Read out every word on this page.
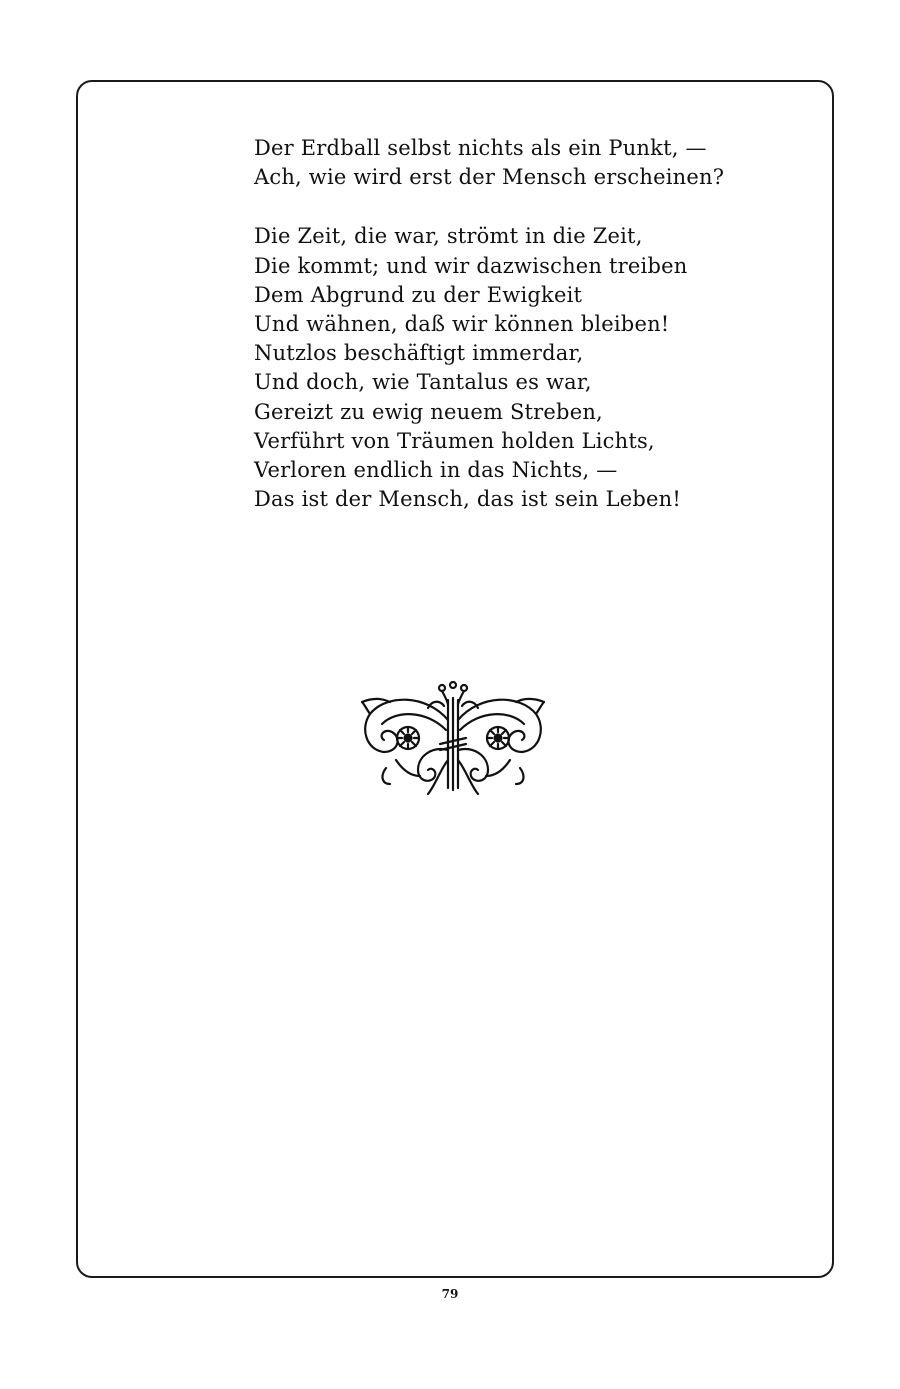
Der Erdball selbst nichts als ein Punkt, —
Ach, wie wird erst der Mensch erscheinen?
Die Zeit, die war, strömt in die Zeit,
Die kommt; und wir dazwischen treiben
Dem Abgrund zu der Ewigkeit
Und wähnen, daß wir können bleiben!
Nutzlos beschäftigt immerdar,
Und doch, wie Tantalus es war,
Gereizt zu ewig neuem Streben,
Verführt von Träumen holden Lichts,
Verloren endlich in das Nichts, —
Das ist der Mensch, das ist sein Leben!
79
